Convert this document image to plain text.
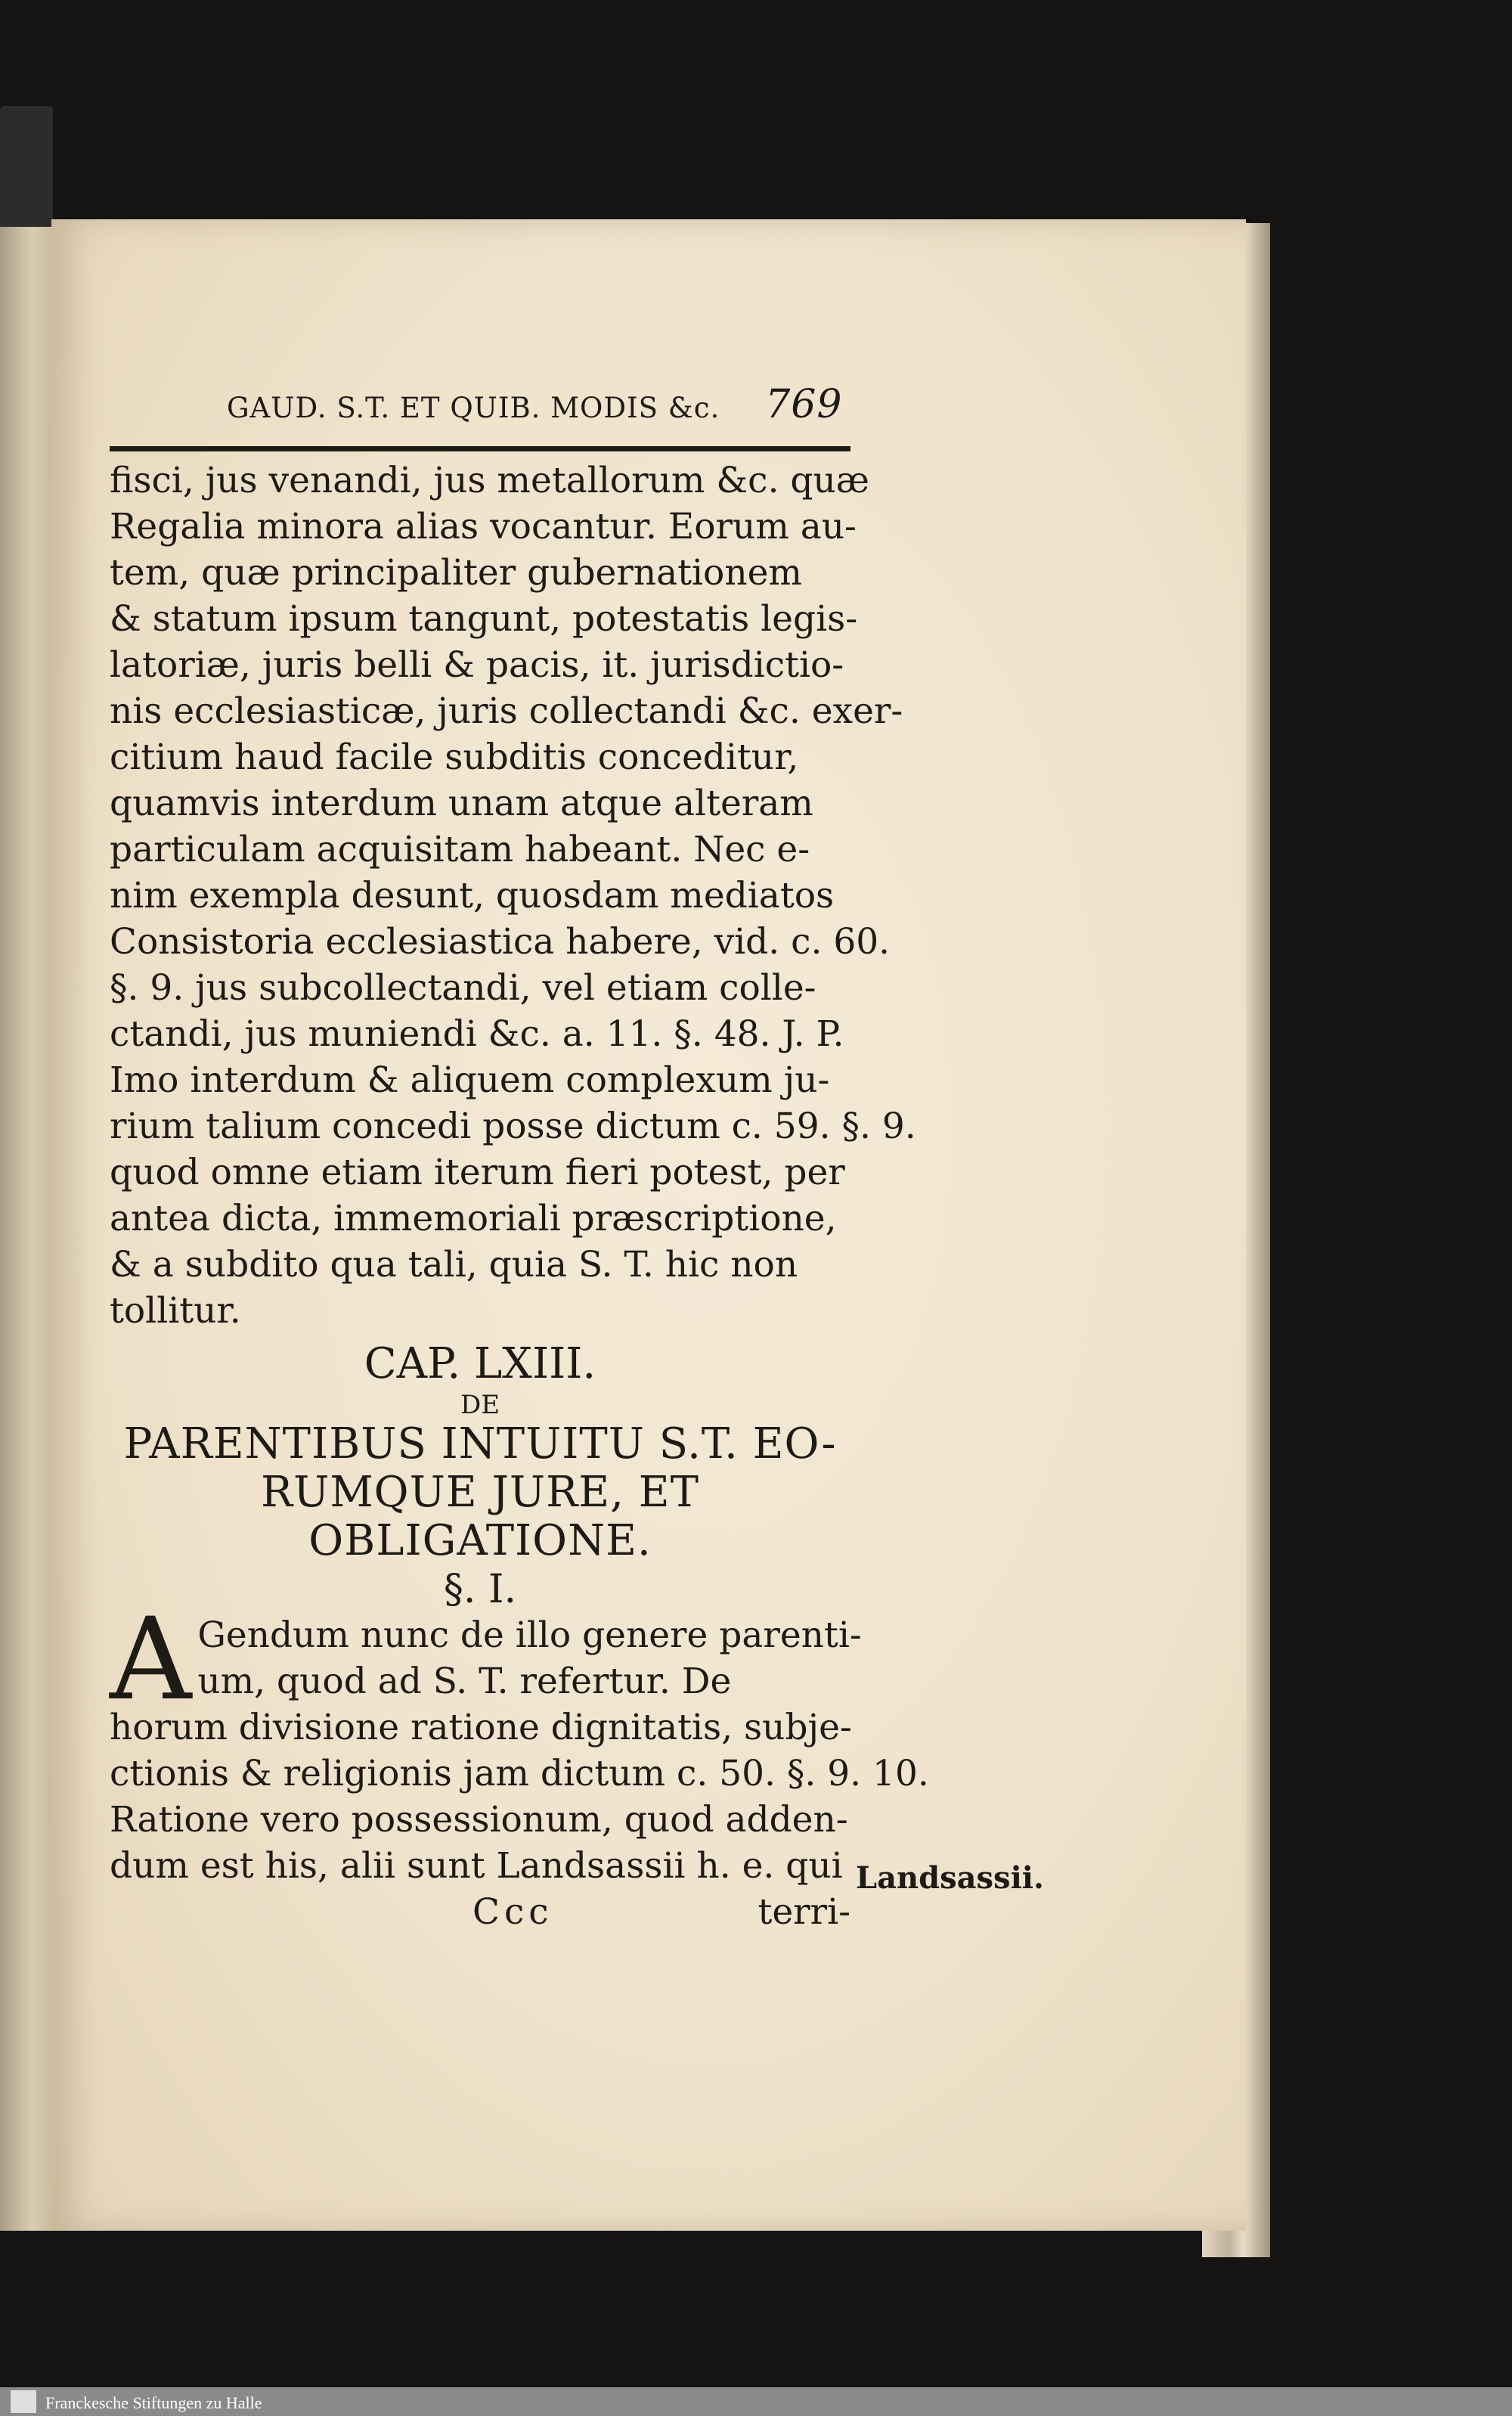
GAUD. S.T. ET QUIB. MODIS &c. 769
fisci, jus venandi, jus metallorum &c. quæ
Regalia minora alias vocantur. Eorum au-
tem, quæ principaliter gubernationem
& statum ipsum tangunt, potestatis legis-
latoriæ, juris belli & pacis, it. jurisdictio-
nis ecclesiasticæ, juris collectandi &c. exer-
citium haud facile subditis conceditur,
quamvis interdum unam atque alteram
particulam acquisitam habeant. Nec e-
nim exempla desunt, quosdam mediatos
Consistoria ecclesiastica habere, vid. c. 60.
§. 9. jus subcollectandi, vel etiam colle-
ctandi, jus muniendi &c. a. 11. §. 48. J. P.
Imo interdum & aliquem complexum ju-
rium talium concedi posse dictum c. 59. §. 9.
quod omne etiam iterum fieri potest, per
antea dicta, immemoriali præscriptione,
& a subdito qua tali, quia S. T. hic non
tollitur.
CAP. LXIII.
DE
PARENTIBUS INTUITU S.T. EO-
RUMQUE JURE, ET
OBLIGATIONE.
§. I.
A Gendum nunc de illo genere parenti-
um, quod ad S. T. refertur. De
horum divisione ratione dignitatis, subje-
ctionis & religionis jam dictum c. 50. §. 9. 10.
Ratione vero possessionum, quod adden-
dum est his, alii sunt Landsassii h. e. qui
Ccc	terri-
Landsassii.
Franckesche Stiftungen zu Halle
